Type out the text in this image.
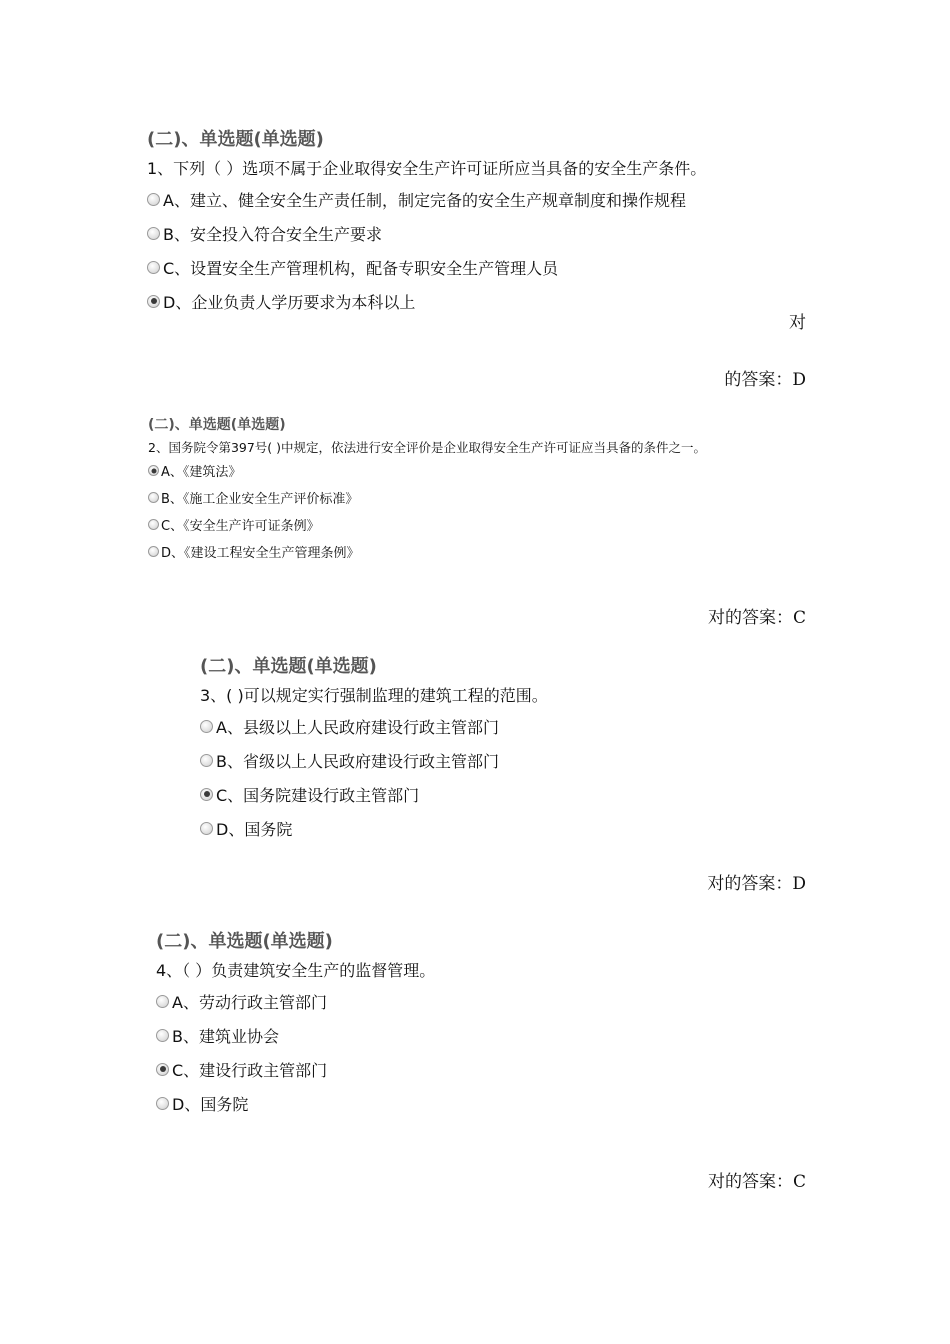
(二)、单选题(单选题)

1、下列（ ）选项不属于企业取得安全生产许可证所应当具备的安全生产条件。

A、建立、健全安全生产责任制，制定完备的安全生产规章制度和操作规程
B、安全投入符合安全生产要求
C、设置安全生产管理机构，配备专职安全生产管理人员
D、企业负责人学历要求为本科以上
对
的答案：D

(二)、单选题(单选题)

2、国务院令第397号( )中规定，依法进行安全评价是企业取得安全生产许可证应当具备的条件之一。

A、《建筑法》
B、《施工企业安全生产评价标准》
C、《安全生产许可证条例》
D、《建设工程安全生产管理条例》
对的答案：C

(二)、单选题(单选题)

3、( )可以规定实行强制监理的建筑工程的范围。

A、县级以上人民政府建设行政主管部门
B、省级以上人民政府建设行政主管部门
C、国务院建设行政主管部门
D、国务院
对的答案：D

(二)、单选题(单选题)

4、（ ）负责建筑安全生产的监督管理。

A、劳动行政主管部门
B、建筑业协会
C、建设行政主管部门
D、国务院
对的答案：C
